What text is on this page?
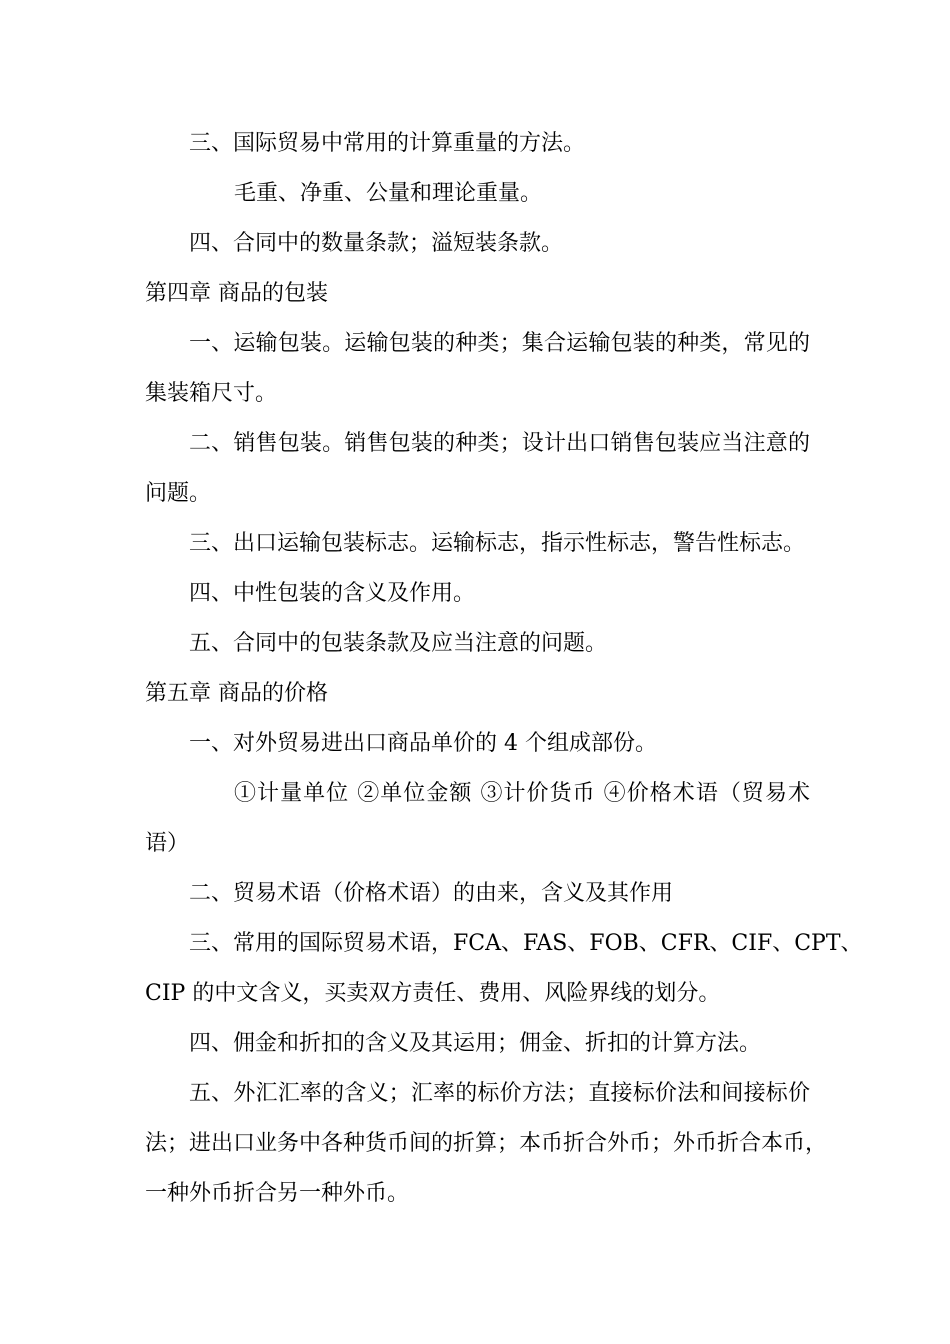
三、国际贸易中常用的计算重量的方法。

毛重、净重、公量和理论重量。

四、合同中的数量条款；溢短装条款。

第四章 商品的包装

一、运输包装。运输包装的种类；集合运输包装的种类，常见的

集装箱尺寸。

二、销售包装。销售包装的种类；设计出口销售包装应当注意的

问题。

三、出口运输包装标志。运输标志，指示性标志，警告性标志。

四、中性包装的含义及作用。

五、合同中的包装条款及应当注意的问题。

第五章 商品的价格

一、对外贸易进出口商品单价的 4 个组成部份。

①计量单位 ②单位金额 ③计价货币 ④价格术语（贸易术

语）

二、贸易术语（价格术语）的由来，含义及其作用

三、常用的国际贸易术语，FCA、FAS、FOB、CFR、CIF、CPT、

CIP 的中文含义，买卖双方责任、费用、风险界线的划分。

四、佣金和折扣的含义及其运用；佣金、折扣的计算方法。

五、外汇汇率的含义；汇率的标价方法；直接标价法和间接标价

法；进出口业务中各种货币间的折算；本币折合外币；外币折合本币，

一种外币折合另一种外币。
